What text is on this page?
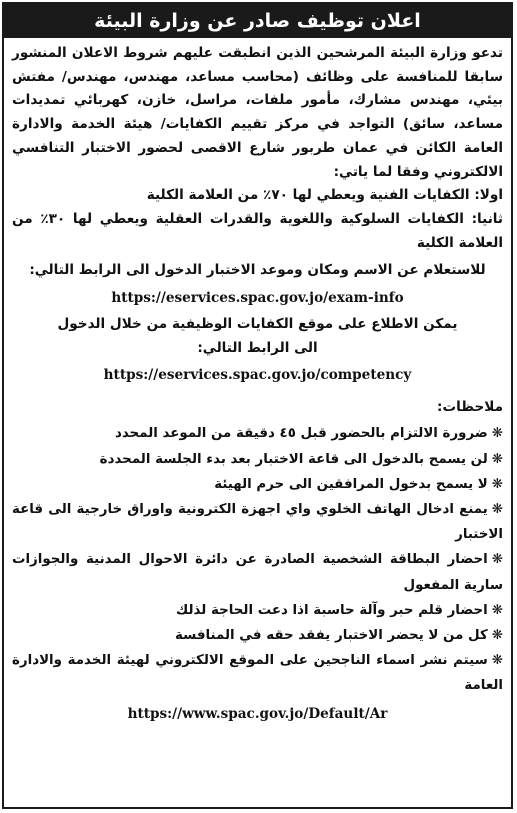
اعلان توظيف صادر عن وزارة البيئة

تدعو وزارة البيئة المرشحين الذين انطبقت عليهم شروط الاعلان المنشور سابقا للمنافسة على وظائف (محاسب مساعد، مهندس، مهندس/ مفتش بيئي، مهندس مشارك، مأمور ملفات، مراسل، خازن، كهربائي تمديدات مساعد، سائق) التواجد في مركز تقييم الكفايات/ هيئة الخدمة والادارة العامة الكائن في عمان طربور شارع الاقصى لحضور الاختبار التنافسي الالكتروني وفقا لما ياتي:

اولا: الكفايات الفنية ويعطي لها ٧٠٪ من العلامة الكلية

ثانيا: الكفايات السلوكية واللغوية والقدرات العقلية ويعطي لها ٣٠٪ من العلامة الكلية

للاستعلام عن الاسم ومكان وموعد الاختبار الدخول الى الرابط التالي:

https://eservices.spac.gov.jo/exam-info

يمكن الاطلاع على موقع الكفايات الوظيفية من خلال الدخول

الى الرابط التالي:

https://eservices.spac.gov.jo/competency

ملاحظات:
❋ضرورة الالتزام بالحضور قبل ٤٥ دقيقة من الموعد المحدد
❋لن يسمح بالدخول الى قاعة الاختبار بعد بدء الجلسة المحددة
❋لا يسمح بدخول المرافقين الى حرم الهيئة
❋يمنع ادخال الهاتف الخلوي واي اجهزة الكترونية واوراق خارجية الى قاعة الاختبار
❋احضار البطاقة الشخصية الصادرة عن دائرة الاحوال المدنية والجوازات سارية المفعول
❋احضار قلم حبر وآلة حاسبة اذا دعت الحاجة لذلك
❋كل من لا يحضر الاختبار يفقد حقه في المنافسة
❋سيتم نشر اسماء الناجحين على الموقع الالكتروني لهيئة الخدمة والادارة العامة

https://www.spac.gov.jo/Default/Ar
